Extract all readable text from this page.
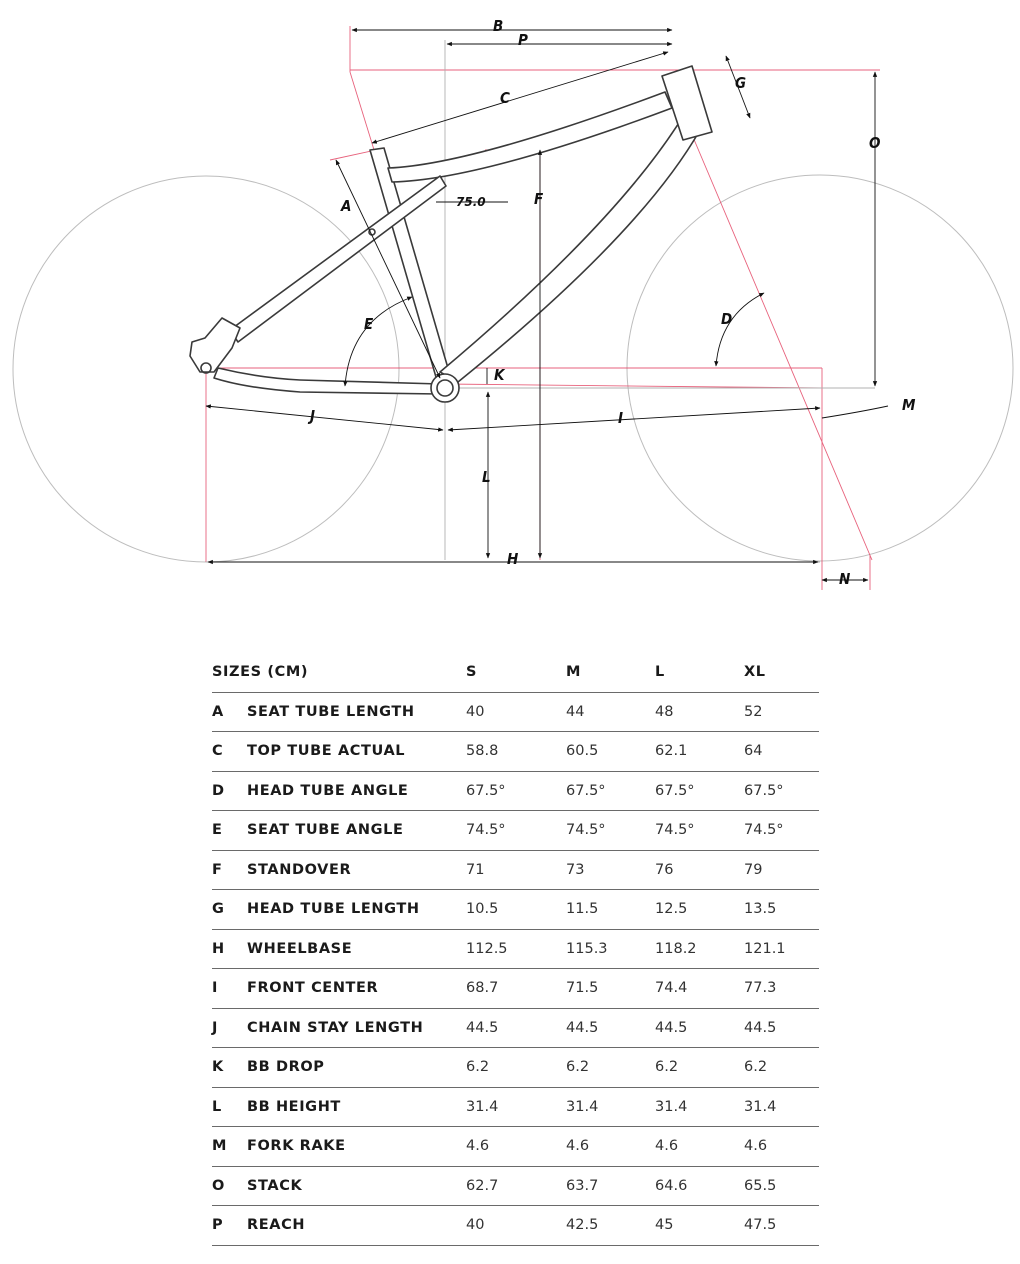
B
P
C
G
O
A	F
75.0
E	D
K
M
J	I
L
H
N
SIZES (CM)		S	M	L	XL
A	SEAT TUBE LENGTH	40	44	48	52
C	TOP TUBE ACTUAL	58.8	60.5	62.1	64
D	HEAD TUBE ANGLE	67.5°	67.5°	67.5°	67.5°
E	SEAT TUBE ANGLE	74.5°	74.5°	74.5°	74.5°
F	STANDOVER	71	73	76	79
G	HEAD TUBE LENGTH	10.5	11.5	12.5	13.5
H	WHEELBASE	112.5	115.3	118.2	121.1
I	FRONT CENTER	68.7	71.5	74.4	77.3
J	CHAIN STAY LENGTH	44.5	44.5	44.5	44.5
K	BB DROP	6.2	6.2	6.2	6.2
L	BB HEIGHT	31.4	31.4	31.4	31.4
M	FORK RAKE	4.6	4.6	4.6	4.6
O	STACK	62.7	63.7	64.6	65.5
P	REACH	40	42.5	45	47.5
